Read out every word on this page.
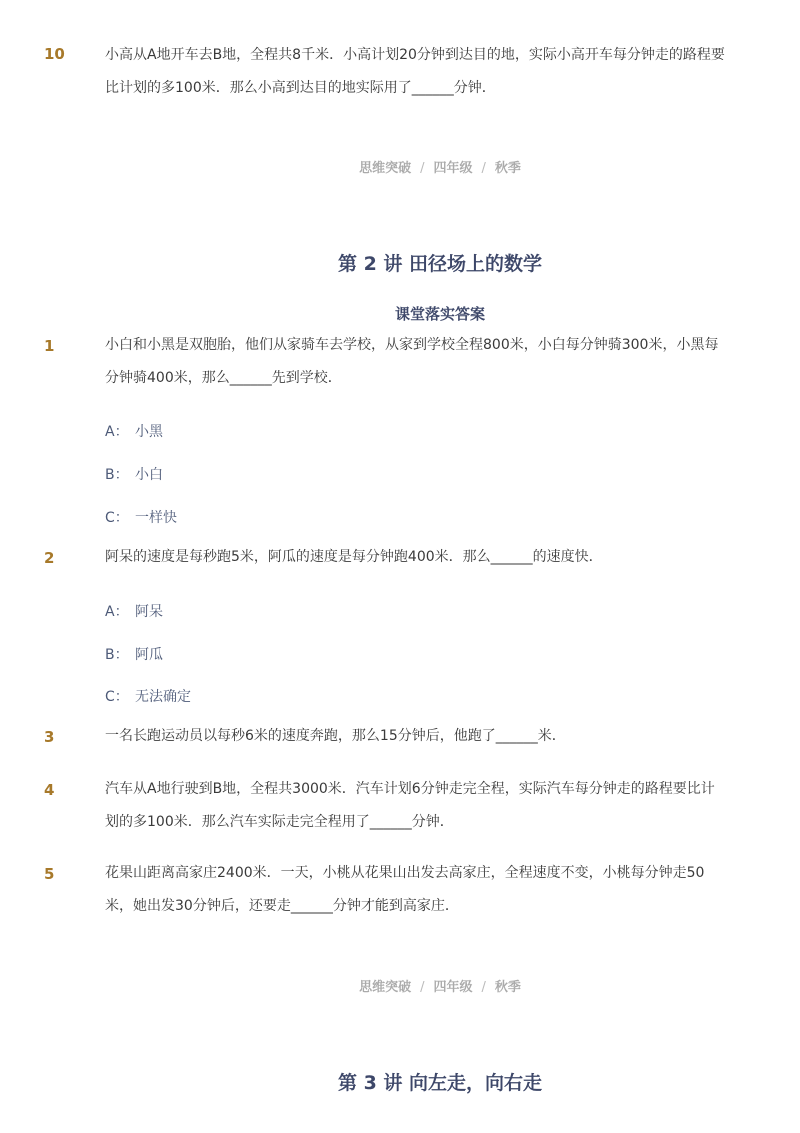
10	小高从A地开车去B地，全程共8千米．小高计划20分钟到达目的地，实际小高开车每分钟走的路程要比计划的多100米．那么小高到达目的地实际用了______分钟．
思维突破 / 四年级 / 秋季
第 2 讲 田径场上的数学
课堂落实答案
1	小白和小黑是双胞胎，他们从家骑车去学校，从家到学校全程800米，小白每分钟骑300米，小黑每分钟骑400米，那么______先到学校．
A： 小黑
B： 小白
C： 一样快
2	阿呆的速度是每秒跑5米，阿瓜的速度是每分钟跑400米．那么______的速度快．
A： 阿呆
B： 阿瓜
C： 无法确定
3	一名长跑运动员以每秒6米的速度奔跑，那么15分钟后，他跑了______米．
4	汽车从A地行驶到B地，全程共3000米．汽车计划6分钟走完全程，实际汽车每分钟走的路程要比计划的多100米．那么汽车实际走完全程用了______分钟．
5	花果山距离高家庄2400米．一天，小桃从花果山出发去高家庄，全程速度不变，小桃每分钟走50米，她出发30分钟后，还要走______分钟才能到高家庄．
思维突破 / 四年级 / 秋季
第 3 讲 向左走，向右走
